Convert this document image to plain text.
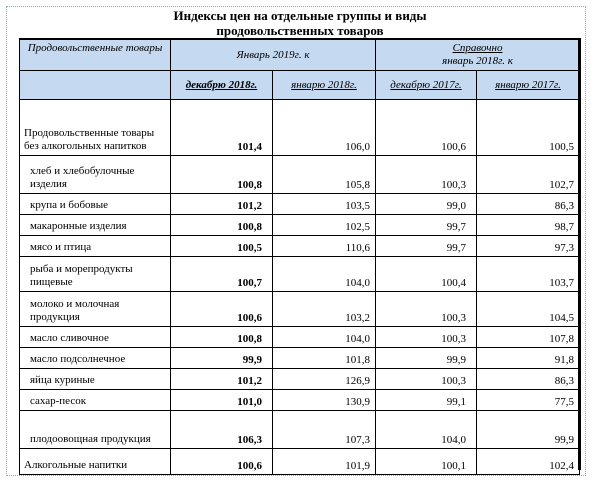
Индексы цен на отдельные группы и виды
продовольственных товаров
Продовольственные товары	Январь 2019г. к		Справочно
январь 2018г. к	

	декабрю 2018г.	январю 2018г.	декабрю 2017г.	январю 2017г.
Продовольственные товары без алкогольных напитков	101,4	106,0	100,6	100,5
хлеб и хлебобулочные изделия	100,8	105,8	100,3	102,7
крупа и бобовые	101,2	103,5	99,0	86,3
макаронные изделия	100,8	102,5	99,7	98,7
мясо и птица	100,5	110,6	99,7	97,3
рыба и морепродукты пищевые	100,7	104,0	100,4	103,7
молоко и молочная продукция	100,6	103,2	100,3	104,5
масло сливочное	100,8	104,0	100,3	107,8
масло подсолнечное	99,9	101,8	99,9	91,8
яйца куриные	101,2	126,9	100,3	86,3
сахар-песок	101,0	130,9	99,1	77,5
плодоовощная продукция	106,3	107,3	104,0	99,9
Алкогольные напитки	100,6	101,9	100,1	102,4
